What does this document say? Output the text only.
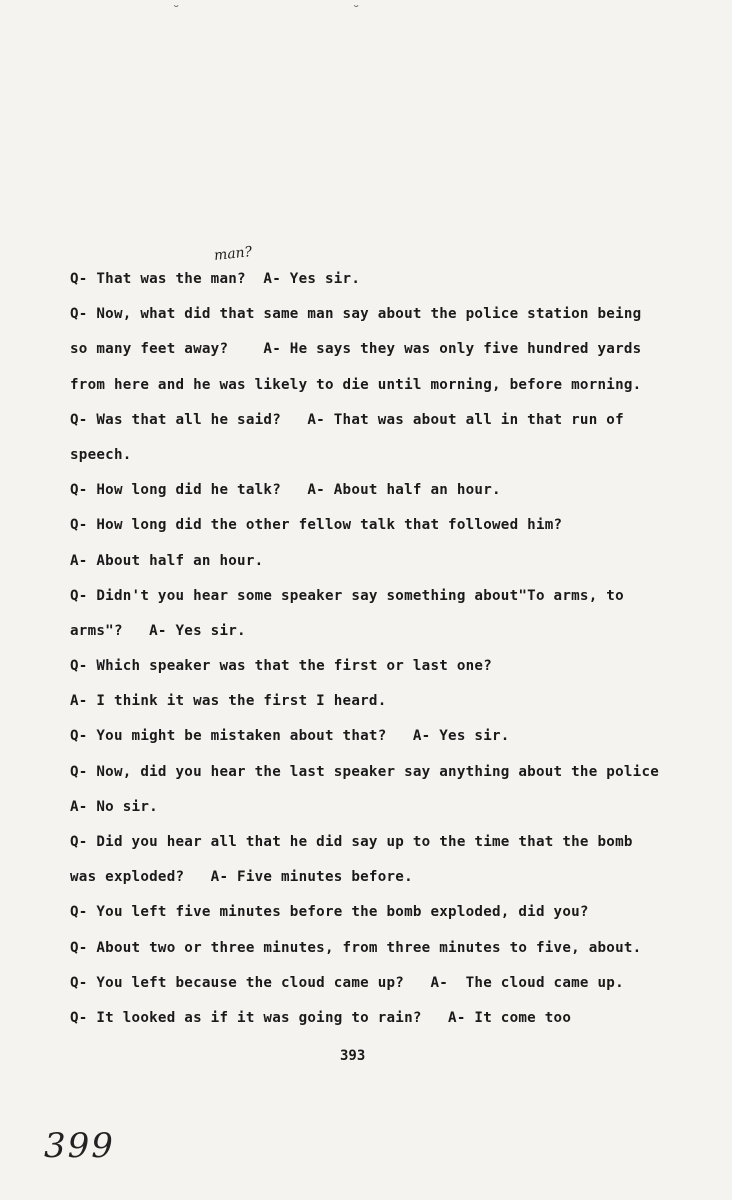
˘	˘
man?
Q- That was the man?  A- Yes sir.
Q- Now, what did that same man say about the police station being
so many feet away?    A- He says they was only five hundred yards
from here and he was likely to die until morning, before morning.
Q- Was that all he said?   A- That was about all in that run of
speech.
Q- How long did he talk?   A- About half an hour.
Q- How long did the other fellow talk that followed him?
A- About half an hour.
Q- Didn't you hear some speaker say something about"To arms, to
arms"?   A- Yes sir.
Q- Which speaker was that the first or last one?
A- I think it was the first I heard.
Q- You might be mistaken about that?   A- Yes sir.
Q- Now, did you hear the last speaker say anything about the police
A- No sir.
Q- Did you hear all that he did say up to the time that the bomb
was exploded?   A- Five minutes before.
Q- You left five minutes before the bomb exploded, did you?
Q- About two or three minutes, from three minutes to five, about.
Q- You left because the cloud came up?   A-  The cloud came up.
Q- It looked as if it was going to rain?   A- It come too
393
399
